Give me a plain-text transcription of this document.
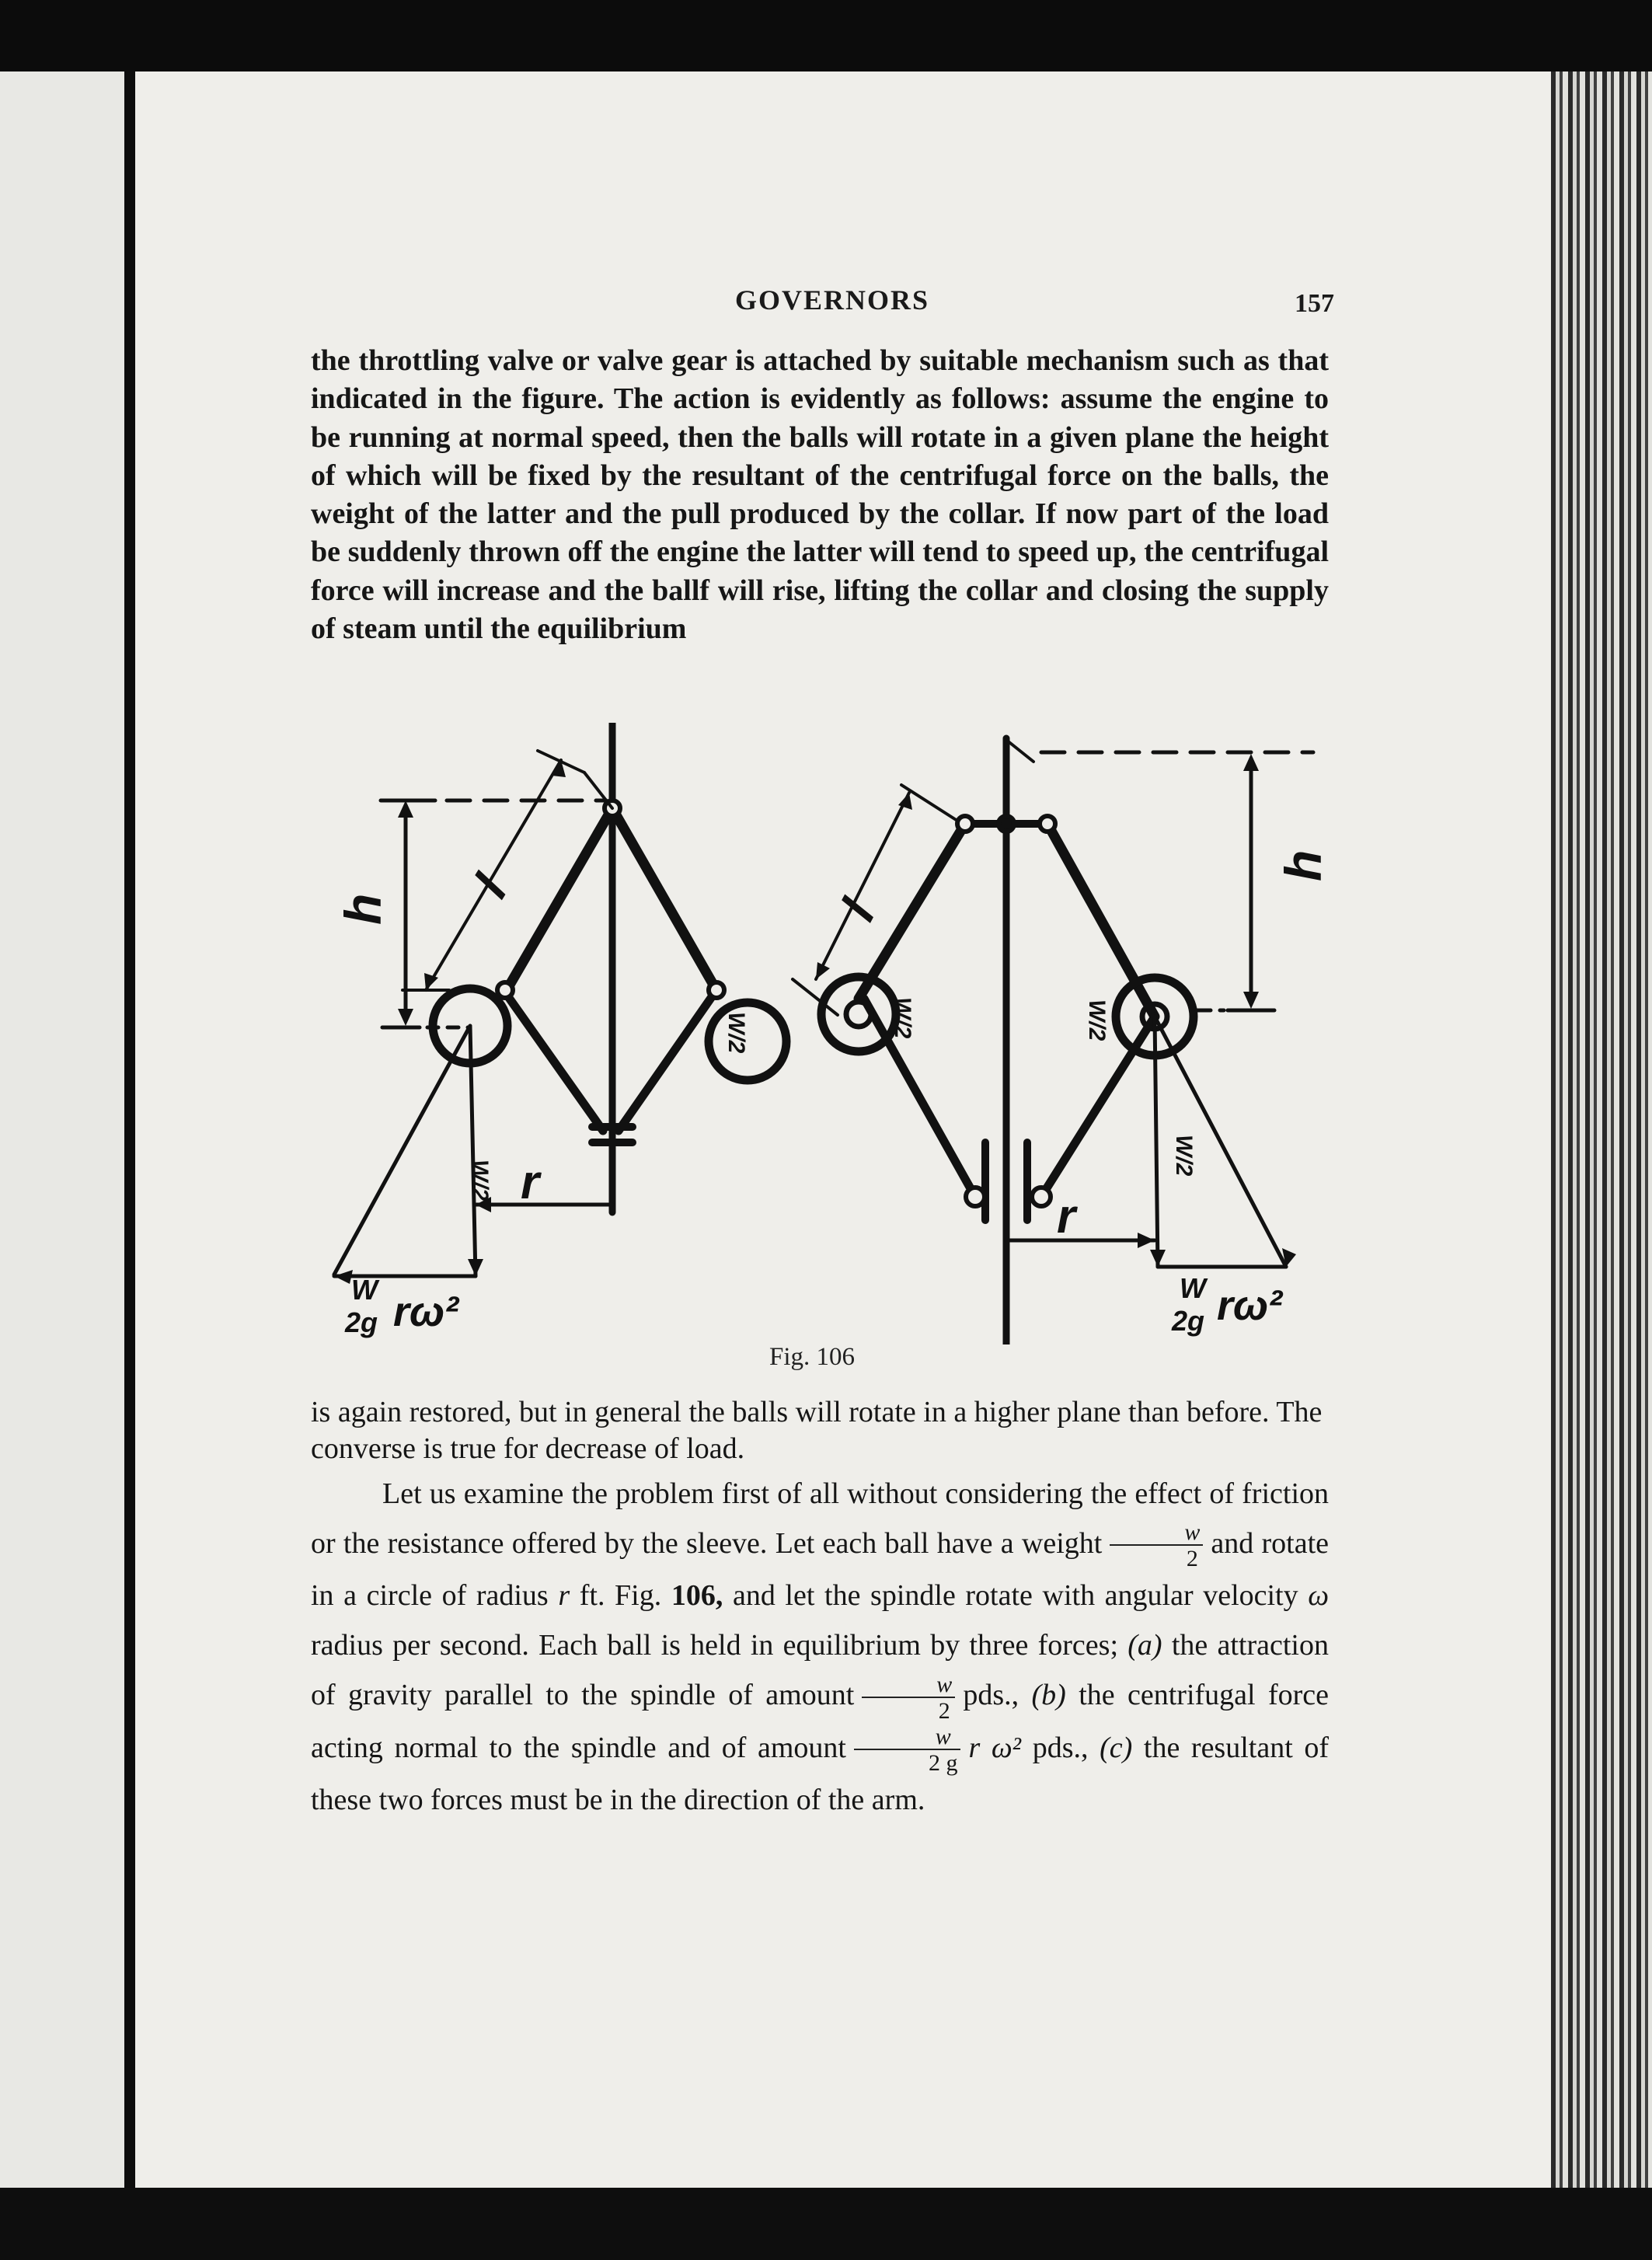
GOVERNORS	157

the throttling valve or valve gear is attached by suitable mechanism such as that indicated in the figure. The action is evidently as follows: assume the engine to be running at normal speed, then the balls will rotate in a given plane the height of which will be fixed by the resultant of the centrifugal force on the balls, the weight of the latter and the pull produced by the collar. If now part of the load be suddenly thrown off the engine the latter will tend to speed up, the centrifugal force will increase and the ballf will rise, lifting the collar and closing the supply of steam until the equilibrium

h
l
r
W/2
W/2
W
2g rω²
h
l
r
W/2	W/2
W/2
W
2g rω²
Fig. 106

is again restored, but in general the balls will rotate in a higher plane than before. The converse is true for decrease of load.

Let us examine the problem first of all without considering the effect of friction or the resistance offered by the sleeve. Let each ball have a weight $\frac{w}{2}$ and rotate in a circle of radius r ft. Fig. 106, and let the spindle rotate with angular velocity ω radius per second. Each ball is held in equilibrium by three forces; (a) the attraction of gravity parallel to the spindle of amount $\frac{w}{2}$ pds., (b) the centrifugal force acting normal to the spindle and of amount $\frac{w}{2 g}$ r ω² pds., (c) the resultant of these two forces must be in the direction of the arm.
